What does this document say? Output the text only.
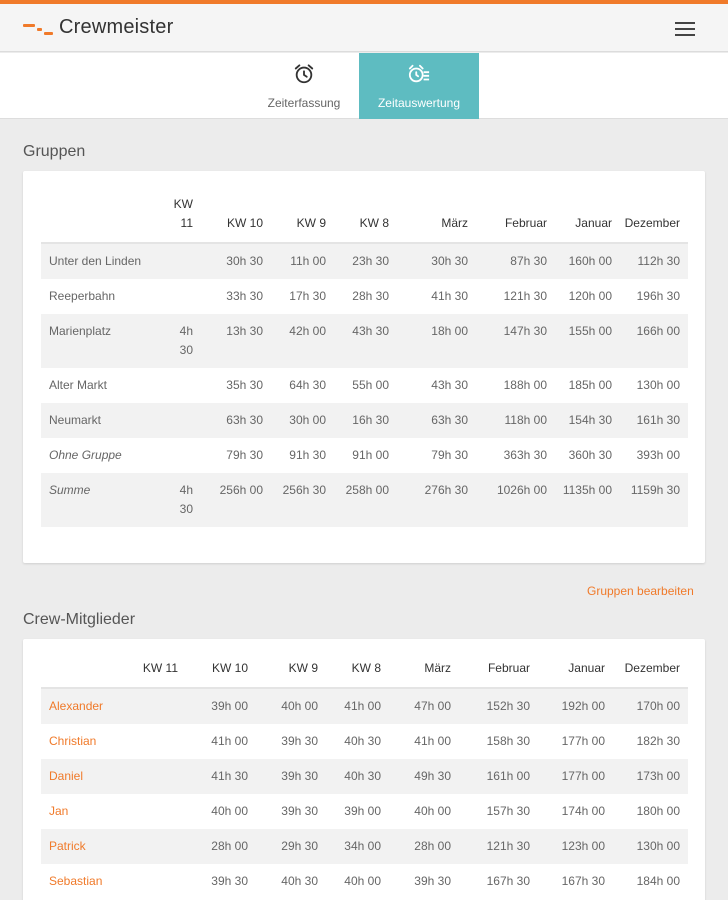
Crewmeister
Zeiterfassung	Zeitauswertung
Gruppen
	KW 11	KW 10	KW 9	KW 8	März	Februar	Januar	Dezember
Unter den Linden		30h 30	11h 00	23h 30	30h 30	87h 30	160h 00	112h 30
Reeperbahn		33h 30	17h 30	28h 30	41h 30	121h 30	120h 00	196h 30
Marienplatz	4h 30	13h 30	42h 00	43h 30	18h 00	147h 30	155h 00	166h 00
Alter Markt		35h 30	64h 30	55h 00	43h 30	188h 00	185h 00	130h 00
Neumarkt		63h 30	30h 00	16h 30	63h 30	118h 00	154h 30	161h 30
Ohne Gruppe		79h 30	91h 30	91h 00	79h 30	363h 30	360h 30	393h 00
Summe	4h 30	256h 00	256h 30	258h 00	276h 30	1026h 00	1135h 00	1159h 30
Gruppen bearbeiten
Crew-Mitglieder
	KW 11	KW 10	KW 9	KW 8	März	Februar	Januar	Dezember
Alexander		39h 00	40h 00	41h 00	47h 00	152h 30	192h 00	170h 00
Christian		41h 00	39h 30	40h 30	41h 00	158h 30	177h 00	182h 30
Daniel		41h 30	39h 30	40h 30	49h 30	161h 00	177h 00	173h 00
Jan		40h 00	39h 30	39h 00	40h 00	157h 30	174h 00	180h 00
Patrick		28h 00	29h 30	34h 00	28h 00	121h 30	123h 00	130h 00
Sebastian		39h 30	40h 30	40h 00	39h 30	167h 30	167h 30	184h 00
